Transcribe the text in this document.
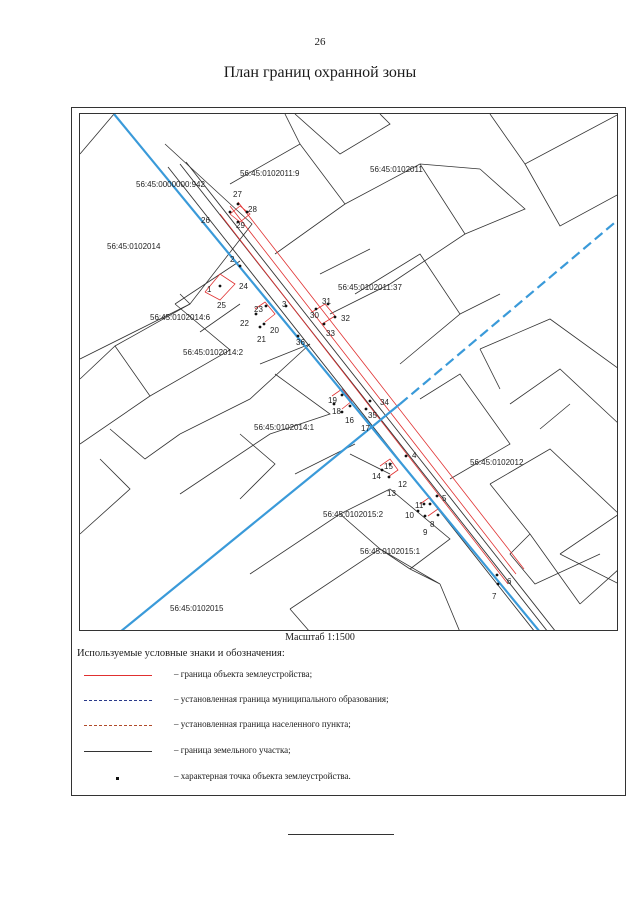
26
План границ охранной зоны
56:45:0000000:942
56:45:0102011:9	56:45:0102011
56:45:0102014
56:45:0102011:37
56:45:0102014:6
56:45:0102014:2
56:45:0102014:1
56:45:0102012
56:45:0102015:2
56:45:0102015:1
56:45:0102015
1
2
3
4
5
6
7
8
9
10
11
12
13
14
15
16
17
18
19
20
21
22
23
24
25
26
27
28
29
30
31
32
33
34
35
36
Масштаб 1:1500
Используемые условные знаки и обозначения:
– граница объекта землеустройства;
– установленная граница муниципального образования;
– установленная граница населенного пункта;
– граница земельного участка;
– характерная точка объекта землеустройства.
